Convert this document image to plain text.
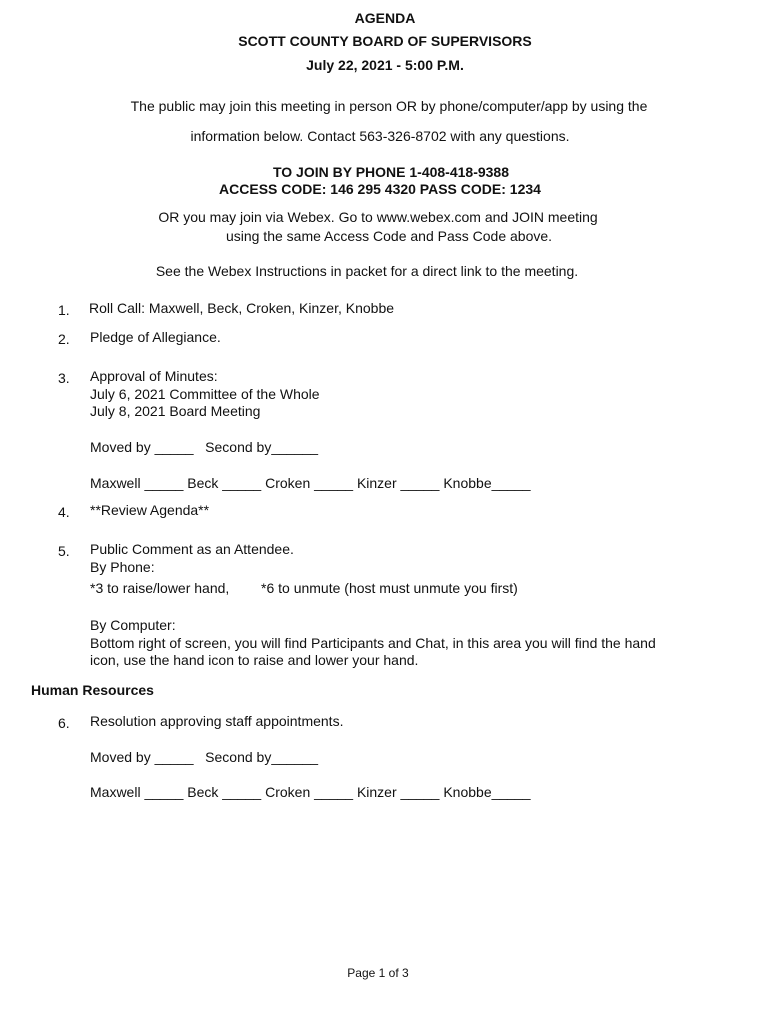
AGENDA
SCOTT COUNTY BOARD OF SUPERVISORS
July 22, 2021 - 5:00 P.M.
The public may join this meeting in person OR by phone/computer/app by using the
information below. Contact 563-326-8702 with any questions.
TO JOIN BY PHONE 1-408-418-9388
ACCESS CODE: 146 295 4320 PASS CODE: 1234
OR you may join via Webex. Go to www.webex.com and JOIN meeting
using the same Access Code and Pass Code above.
See the Webex Instructions in packet for a direct link to the meeting.
1.	Roll Call: Maxwell, Beck, Croken, Kinzer, Knobbe
2.	Pledge of Allegiance.
3.	Approval of Minutes:
July 6, 2021 Committee of the Whole
July 8, 2021 Board Meeting
Moved by _____   Second by______
Maxwell _____ Beck _____ Croken _____ Kinzer _____ Knobbe_____
4.	**Review Agenda**
5.	Public Comment as an Attendee.
By Phone:
*3 to raise/lower hand, *6 to unmute (host must unmute you first)
By Computer:
Bottom right of screen, you will find Participants and Chat, in this area you will find the hand
icon, use the hand icon to raise and lower your hand.
Human Resources
6.	Resolution approving staff appointments.
Moved by _____   Second by______
Maxwell _____ Beck _____ Croken _____ Kinzer _____ Knobbe_____
Page 1 of 3
